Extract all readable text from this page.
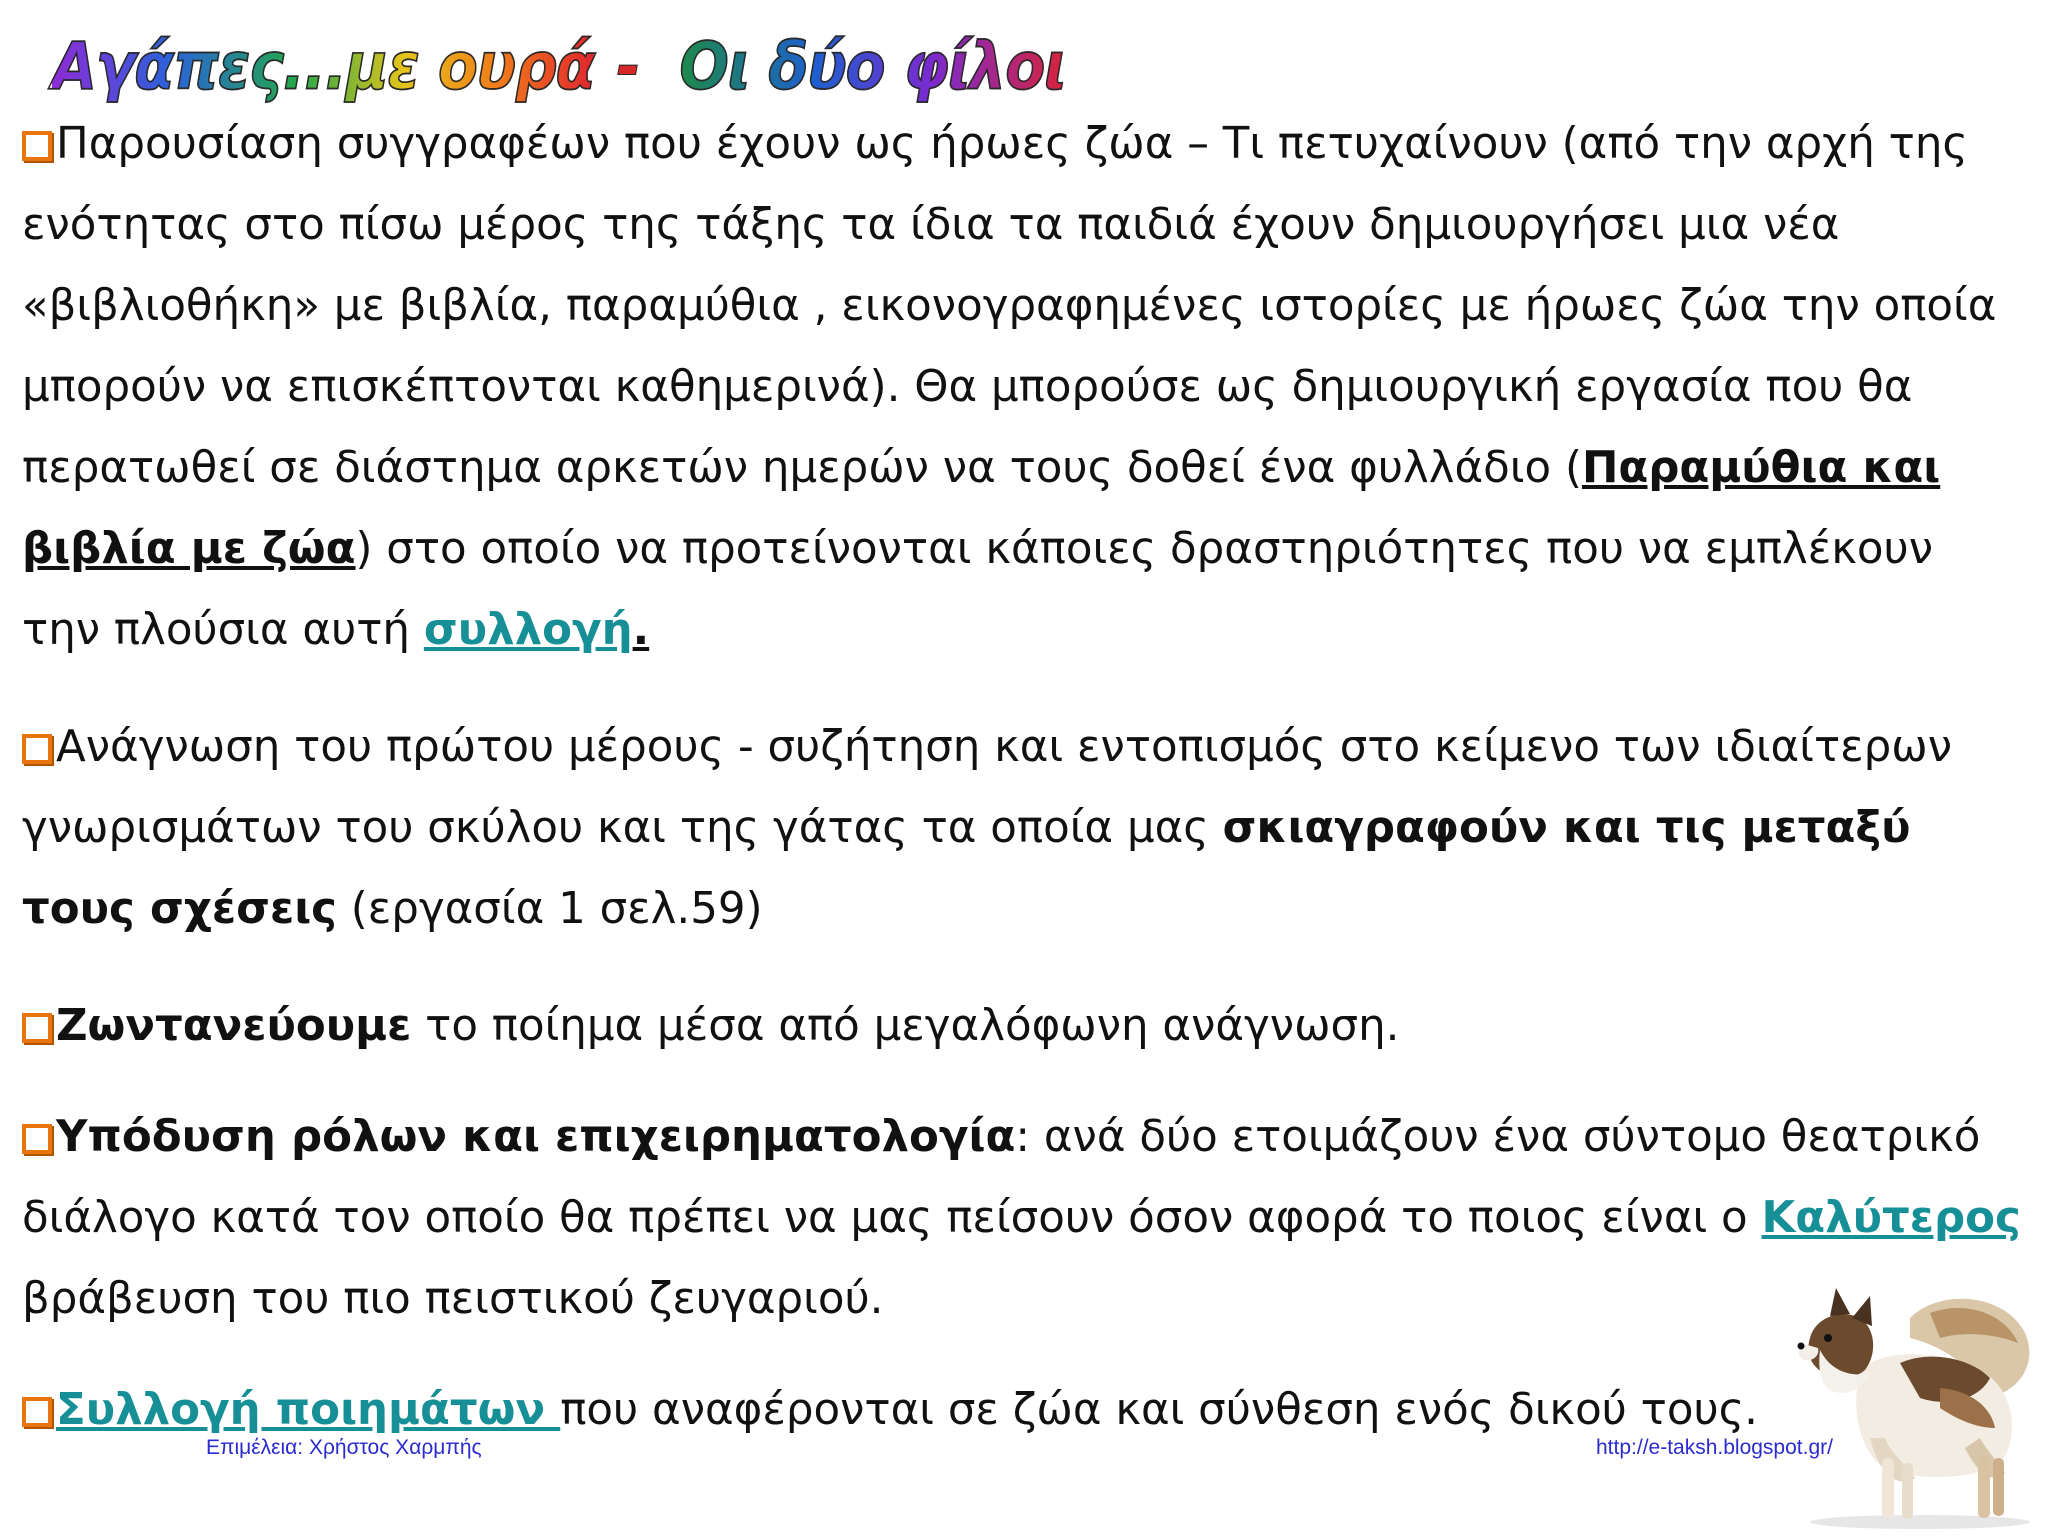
Αγάπες...με ουρά - Οι δύο φίλοι

Παρουσίαση συγγραφέων που έχουν ως ήρωες ζώα – Τι πετυχαίνουν (από την αρχή της ενότητας στο πίσω μέρος της τάξης τα ίδια τα παιδιά έχουν δημιουργήσει μια νέα «βιβλιοθήκη» με βιβλία, παραμύθια , εικονογραφημένες ιστορίες με ήρωες ζώα την οποία μπορούν να επισκέπτονται καθημερινά). Θα μπορούσε ως δημιουργική εργασία που θα περατωθεί σε διάστημα αρκετών ημερών να τους δοθεί ένα φυλλάδιο (Παραμύθια και βιβλία με ζώα) στο οποίο να προτείνονται κάποιες δραστηριότητες που να εμπλέκουν την πλούσια αυτή συλλογή.

Ανάγνωση του πρώτου μέρους - συζήτηση και εντοπισμός στο κείμενο των ιδιαίτερων γνωρισμάτων του σκύλου και της γάτας τα οποία μας σκιαγραφούν και τις μεταξύ τους σχέσεις (εργασία 1 σελ.59)

Ζωντανεύουμε το ποίημα μέσα από μεγαλόφωνη ανάγνωση.

Υπόδυση ρόλων και επιχειρηματολογία: ανά δύο ετοιμάζουν ένα σύντομο θεατρικό διάλογο κατά τον οποίο θα πρέπει να μας πείσουν όσον αφορά το ποιος είναι ο Καλύτερος βράβευση του πιο πειστικού ζευγαριού.

Συλλογή ποιημάτων που αναφέρονται σε ζώα και σύνθεση ενός δικού τους.

Επιμέλεια: Χρήστος Χαρμπής	http://e-taksh.blogspot.gr/
